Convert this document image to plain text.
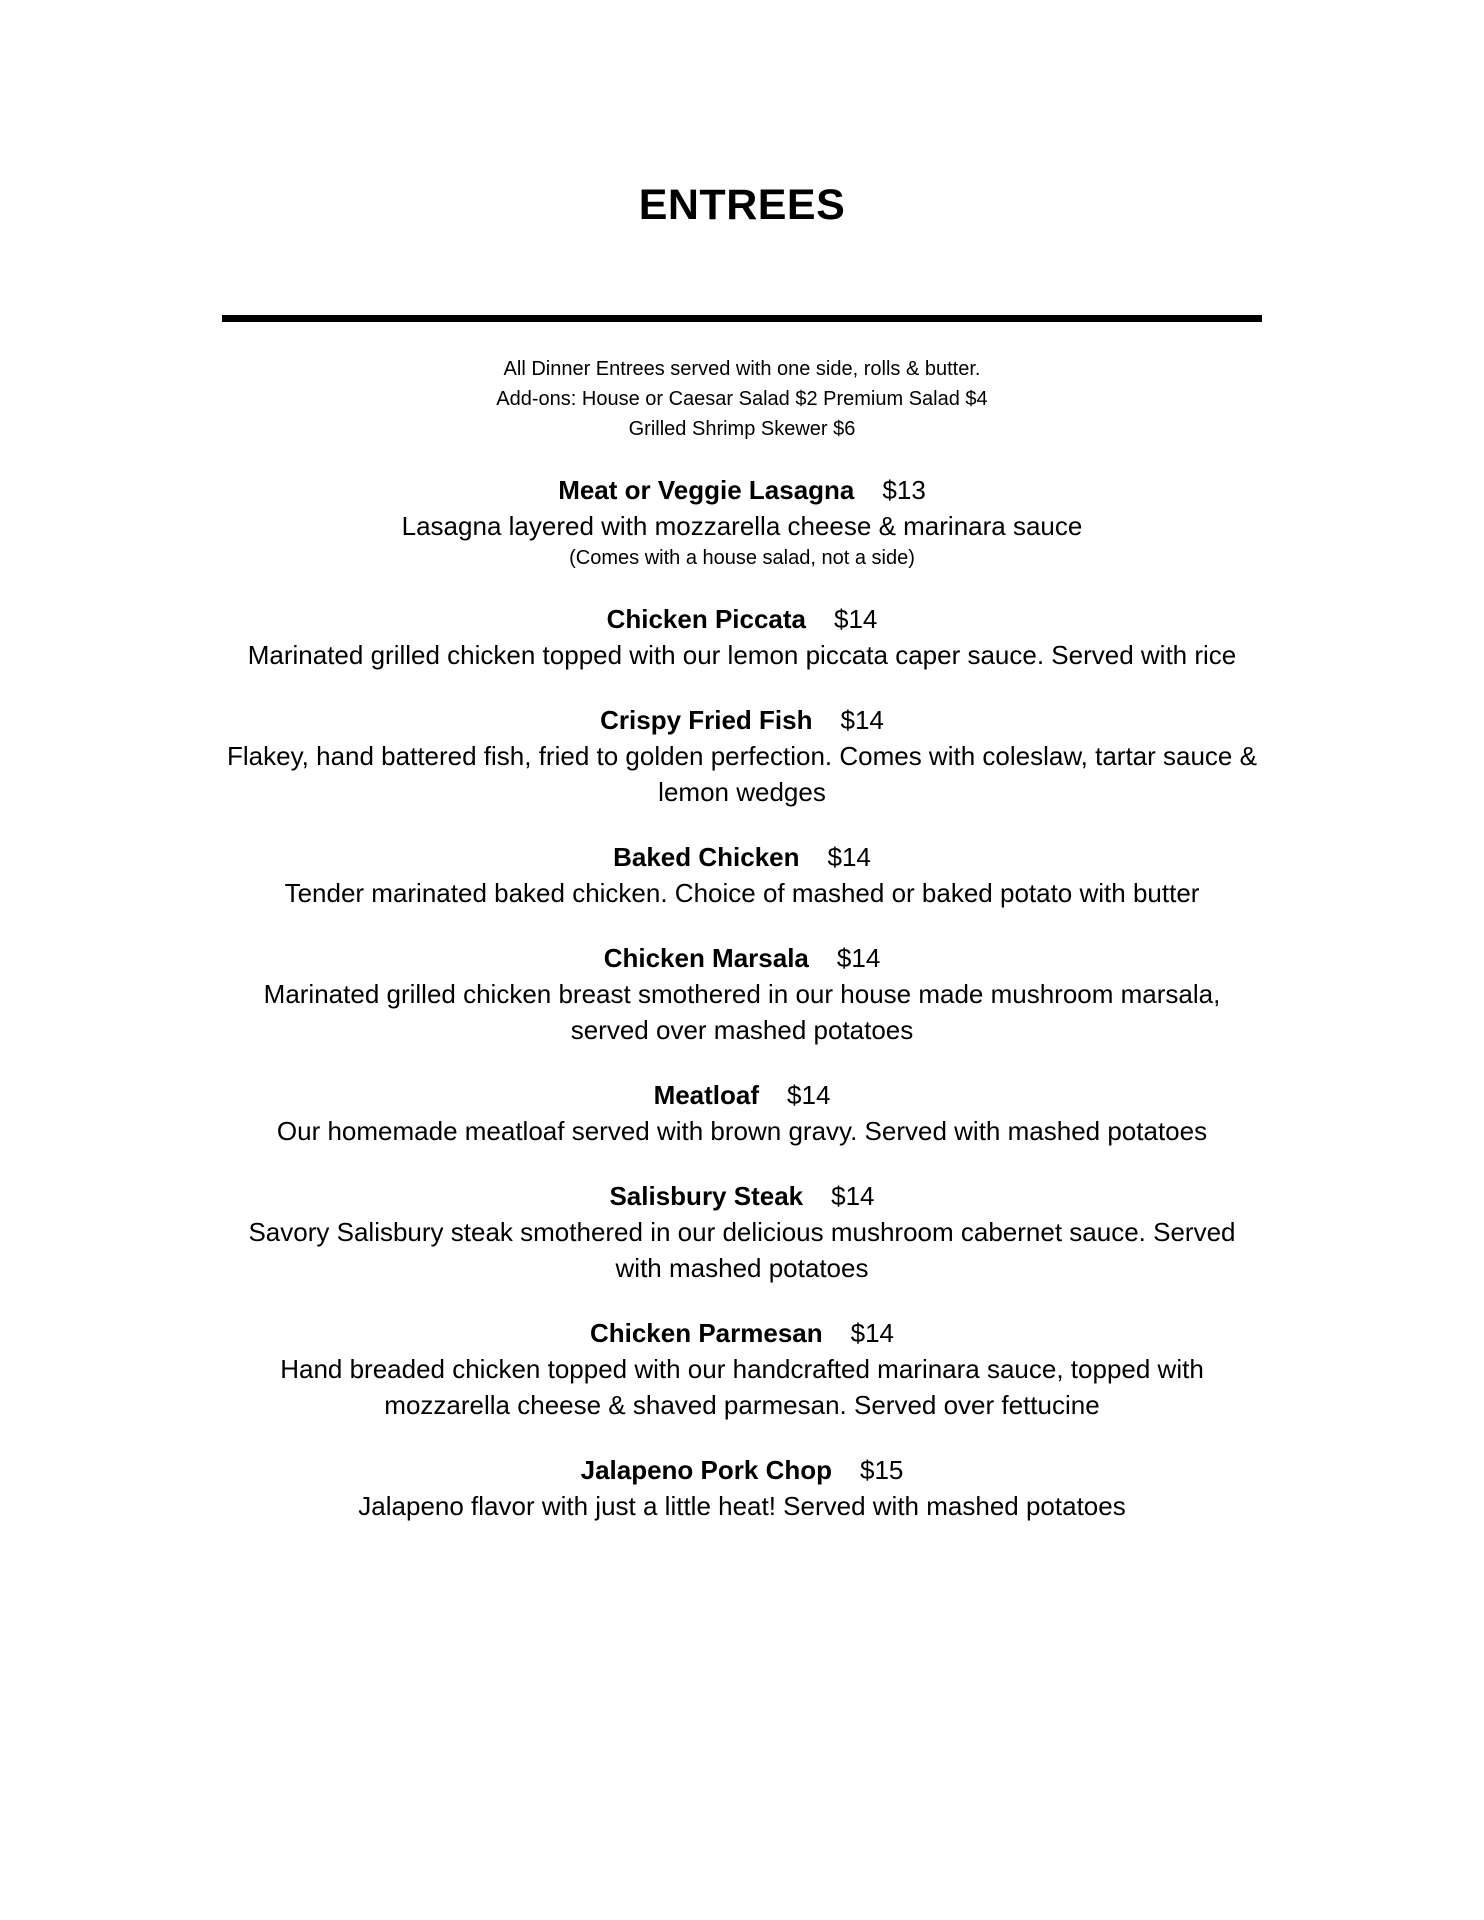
ENTREES
All Dinner Entrees served with one side, rolls & butter.
Add-ons: House or Caesar Salad $2 Premium Salad $4
Grilled Shrimp Skewer $6
Meat or Veggie Lasagna $13
Lasagna layered with mozzarella cheese & marinara sauce
(Comes with a house salad, not a side)
Chicken Piccata $14
Marinated grilled chicken topped with our lemon piccata caper sauce. Served with rice
Crispy Fried Fish $14
Flakey, hand battered fish, fried to golden perfection. Comes with coleslaw, tartar sauce & lemon wedges
Baked Chicken $14
Tender marinated baked chicken. Choice of mashed or baked potato with butter
Chicken Marsala $14
Marinated grilled chicken breast smothered in our house made mushroom marsala, served over mashed potatoes
Meatloaf $14
Our homemade meatloaf served with brown gravy. Served with mashed potatoes
Salisbury Steak $14
Savory Salisbury steak smothered in our delicious mushroom cabernet sauce. Served with mashed potatoes
Chicken Parmesan $14
Hand breaded chicken topped with our handcrafted marinara sauce, topped with mozzarella cheese & shaved parmesan. Served over fettucine
Jalapeno Pork Chop $15
Jalapeno flavor with just a little heat! Served with mashed potatoes
